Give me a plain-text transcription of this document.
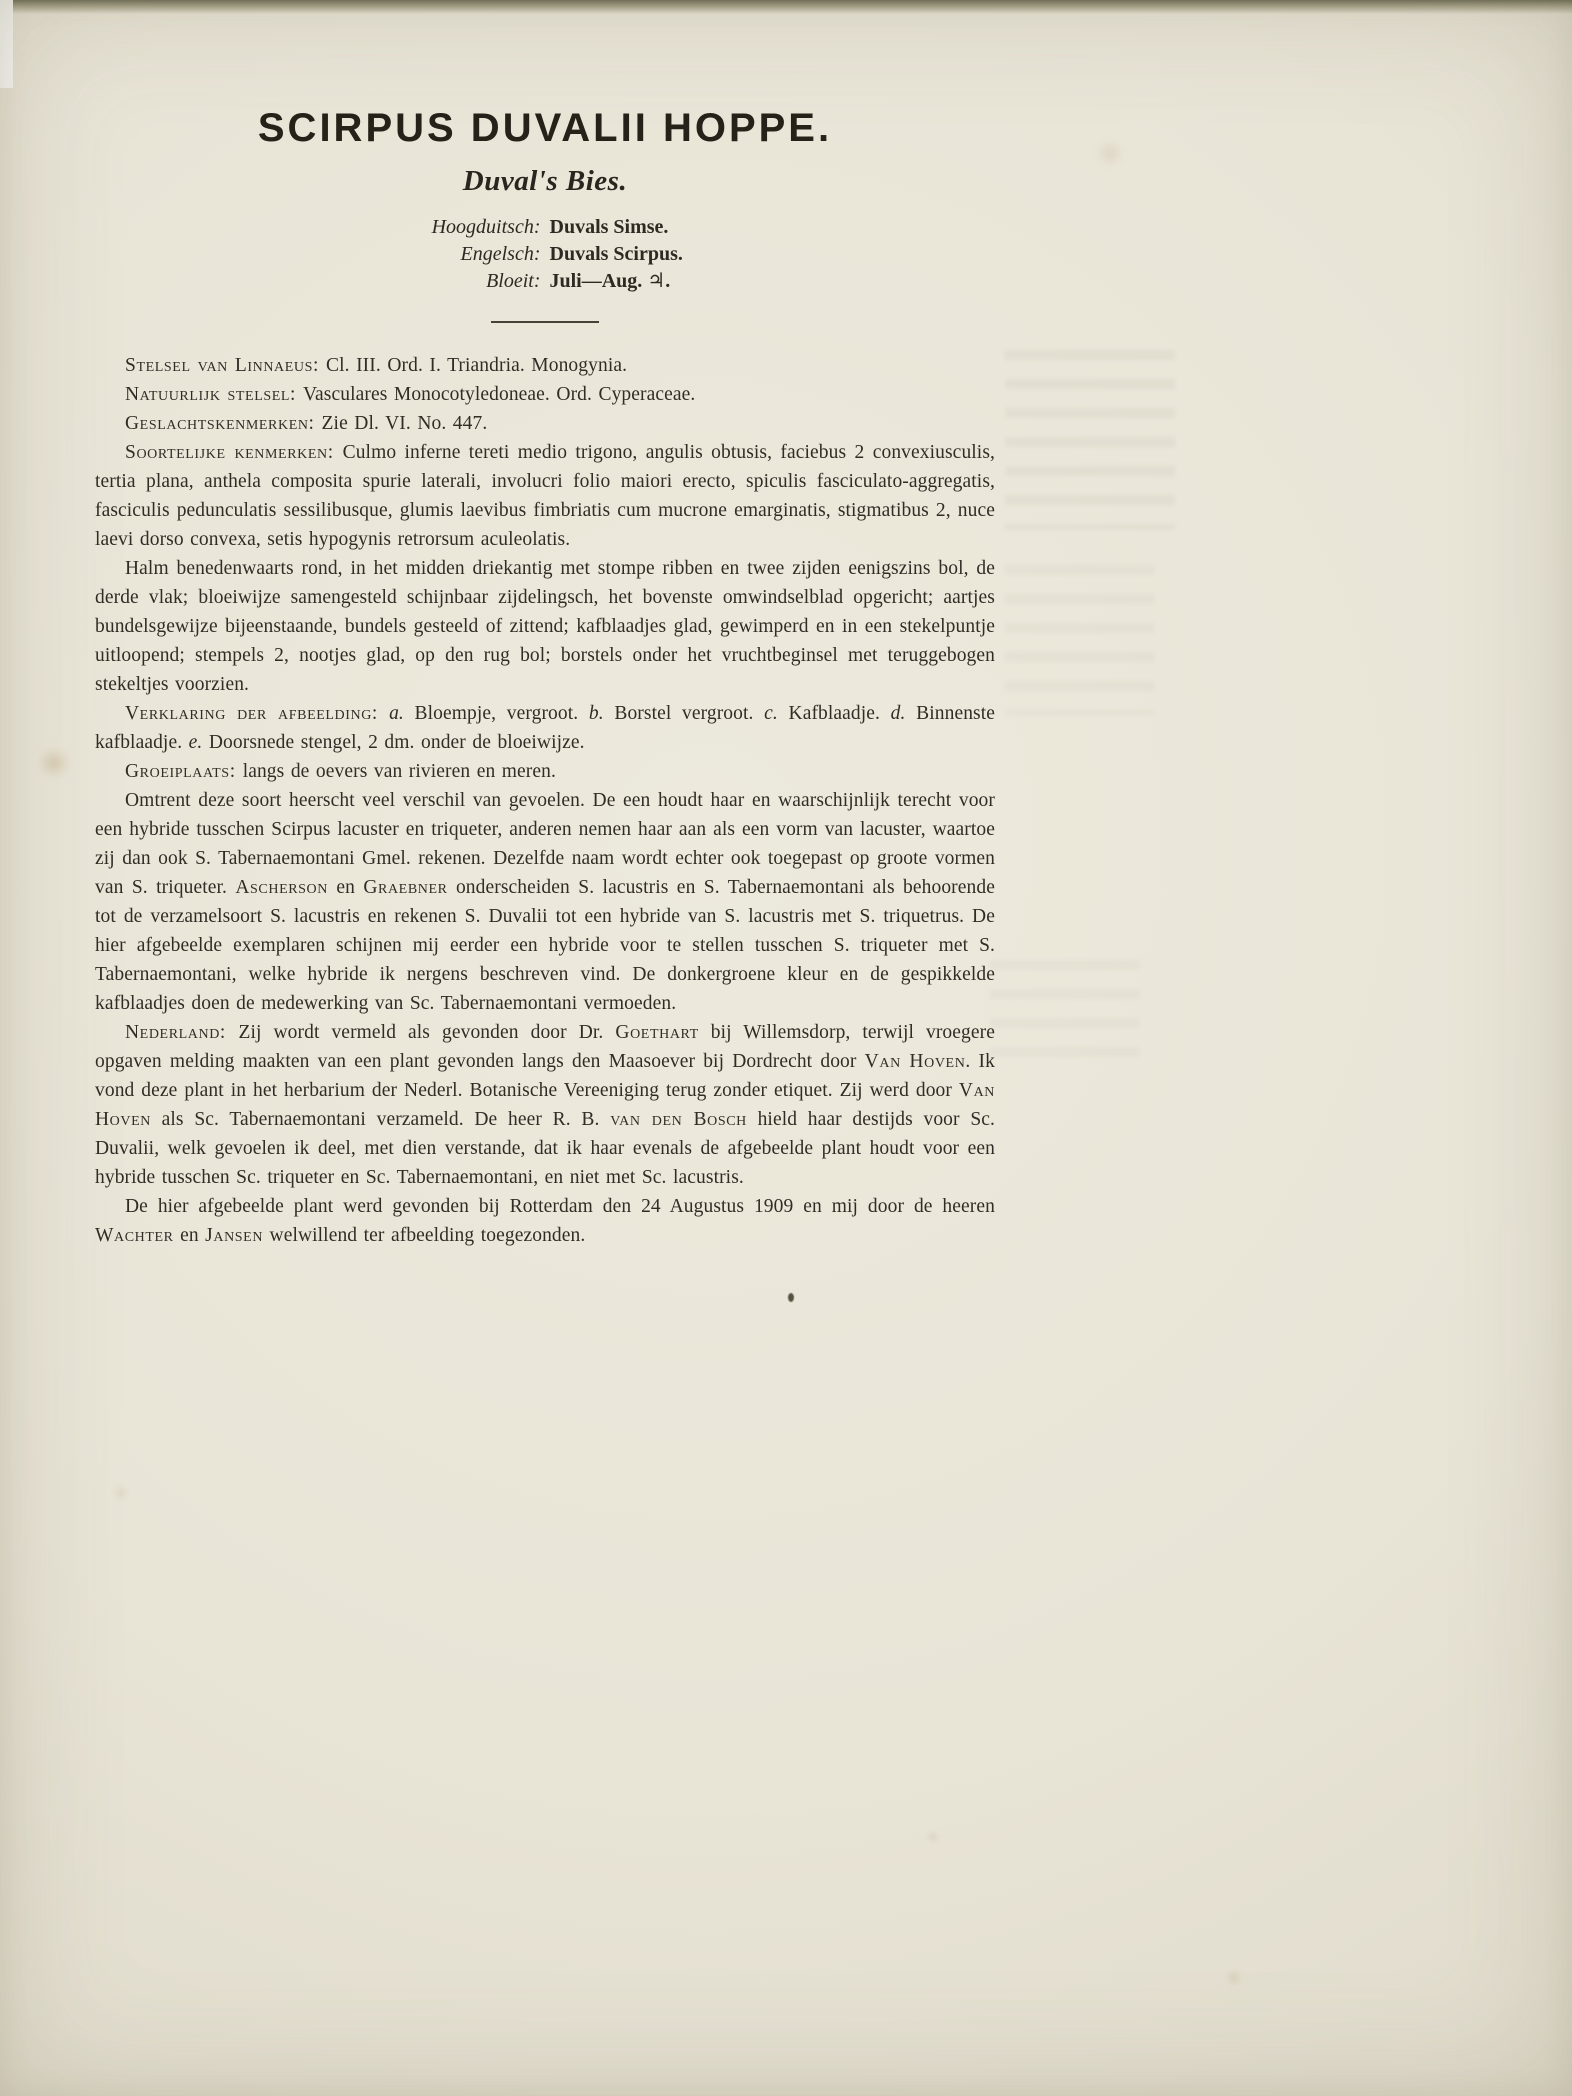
SCIRPUS DUVALII HOPPE.
Duval's Bies.
Hoogduitsch: Duvals Simse.
Engelsch: Duvals Scirpus.
Bloeit: Juli—Aug. ♃.

Stelsel van Linnaeus: Cl. III. Ord. I. Triandria. Monogynia.

Natuurlijk stelsel: Vasculares Monocotyledoneae. Ord. Cyperaceae.

Geslachtskenmerken: Zie Dl. VI. No. 447.

Soortelijke kenmerken: Culmo inferne tereti medio trigono, angulis obtusis, faciebus 2 convexiusculis, tertia plana, anthela composita spurie laterali, involucri folio maiori erecto, spiculis fasciculato-aggregatis, fasciculis pedunculatis sessilibusque, glumis laevibus fimbriatis cum mucrone emarginatis, stigmatibus 2, nuce laevi dorso convexa, setis hypogynis retrorsum aculeolatis.

Halm benedenwaarts rond, in het midden driekantig met stompe ribben en twee zijden eenigszins bol, de derde vlak; bloeiwijze samengesteld schijnbaar zijdelingsch, het bovenste omwindselblad opgericht; aartjes bundelsgewijze bijeenstaande, bundels gesteeld of zittend; kafblaadjes glad, gewimperd en in een stekelpuntje uitloopend; stempels 2, nootjes glad, op den rug bol; borstels onder het vruchtbeginsel met teruggebogen stekeltjes voorzien.

Verklaring der afbeelding: a. Bloempje, vergroot. b. Borstel vergroot. c. Kafblaadje. d. Binnenste kafblaadje. e. Doorsnede stengel, 2 dm. onder de bloeiwijze.

Groeiplaats: langs de oevers van rivieren en meren.

Omtrent deze soort heerscht veel verschil van gevoelen. De een houdt haar en waarschijnlijk terecht voor een hybride tusschen Scirpus lacuster en triqueter, anderen nemen haar aan als een vorm van lacuster, waartoe zij dan ook S. Tabernaemontani Gmel. rekenen. Dezelfde naam wordt echter ook toegepast op groote vormen van S. triqueter. Ascherson en Graebner onderscheiden S. lacustris en S. Tabernaemontani als behoorende tot de verzamelsoort S. lacustris en rekenen S. Duvalii tot een hybride van S. lacustris met S. triquetrus. De hier afgebeelde exemplaren schijnen mij eerder een hybride voor te stellen tusschen S. triqueter met S. Tabernaemontani, welke hybride ik nergens beschreven vind. De donkergroene kleur en de gespikkelde kafblaadjes doen de medewerking van Sc. Tabernaemontani vermoeden.

Nederland: Zij wordt vermeld als gevonden door Dr. Goethart bij Willemsdorp, terwijl vroegere opgaven melding maakten van een plant gevonden langs den Maasoever bij Dordrecht door Van Hoven. Ik vond deze plant in het herbarium der Nederl. Botanische Vereeniging terug zonder etiquet. Zij werd door Van Hoven als Sc. Tabernaemontani verzameld. De heer R. B. van den Bosch hield haar destijds voor Sc. Duvalii, welk gevoelen ik deel, met dien verstande, dat ik haar evenals de afgebeelde plant houdt voor een hybride tusschen Sc. triqueter en Sc. Tabernaemontani, en niet met Sc. lacustris.

De hier afgebeelde plant werd gevonden bij Rotterdam den 24 Augustus 1909 en mij door de heeren Wachter en Jansen welwillend ter afbeelding toegezonden.
